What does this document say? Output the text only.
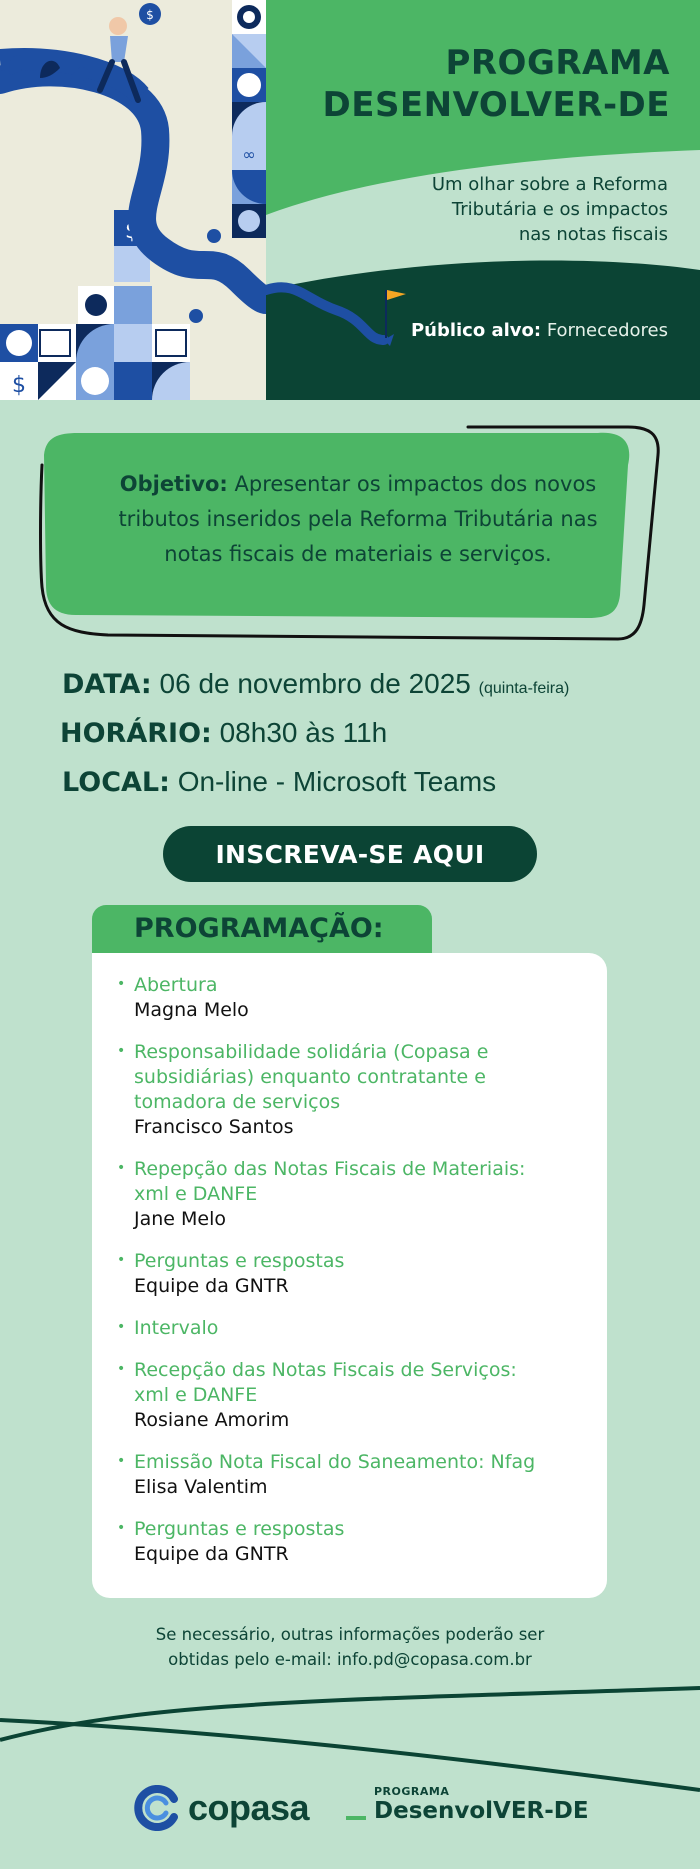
∞
$
$
$
PROGRAMA
DESENVOLVER-DE
Um olhar sobre a Reforma
Tributária e os impactos
nas notas fiscais
Público alvo: Fornecedores
Objetivo: Apresentar os impactos dos novos
tributos inseridos pela Reforma Tributária nas
notas fiscais de materiais e serviços.
DATA: 06 de novembro de 2025 (quinta-feira)
HORÁRIO: 08h30 às 11h
LOCAL: On-line - Microsoft Teams
INSCREVA-SE AQUI
PROGRAMAÇÃO:
• Abertura
Magna Melo
• Responsabilidade solidária (Copasa e
subsidiárias) enquanto contratante e
tomadora de serviços
Francisco Santos
• Repepção das Notas Fiscais de Materiais:
xml e DANFE
Jane Melo
• Perguntas e respostas
Equipe da GNTR
• Intervalo
• Recepção das Notas Fiscais de Serviços:
xml e DANFE
Rosiane Amorim
• Emissão Nota Fiscal do Saneamento: Nfag
Elisa Valentim
• Perguntas e respostas
Equipe da GNTR
Se necessário, outras informações poderão ser
obtidas pelo e-mail: info.pd@copasa.com.br
copasa	PROGRAMA
DesenvolVER-DE
